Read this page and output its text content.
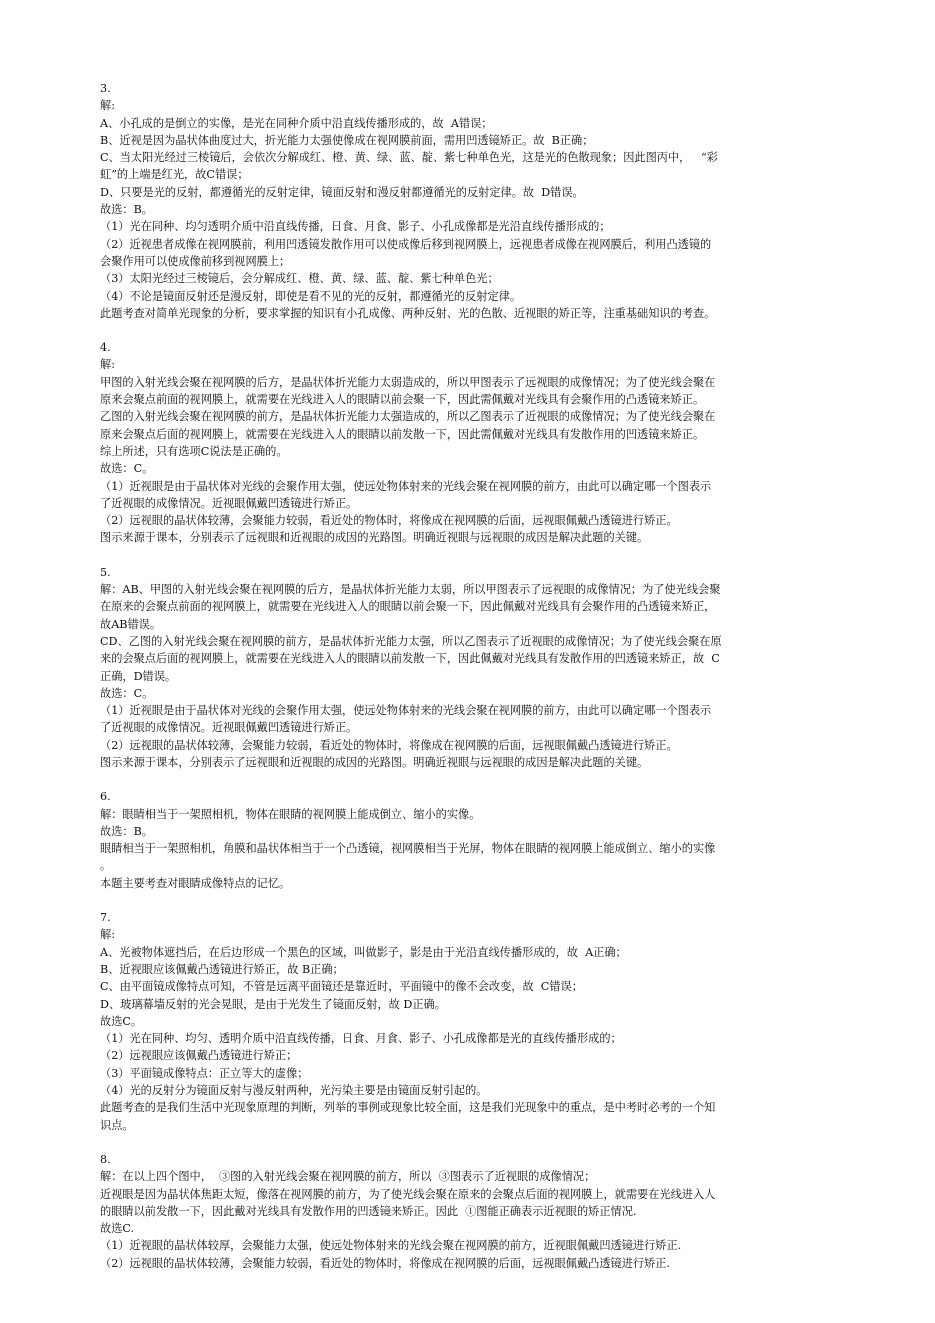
3.
解:
A、小孔成的是倒立的实像，是光在同种介质中沿直线传播形成的，故  A错误；
B、近视是因为晶状体曲度过大，折光能力太强使像成在视网膜前面，需用凹透镜矫正。故  B正确；
C、当太阳光经过三棱镜后，会依次分解成红、橙、黄、绿、蓝、靛、紫七种单色光，这是光的色散现象；因此图丙中，   “彩
虹”的上端是红光，故C错误；
D、只要是光的反射，都遵循光的反射定律，镜面反射和漫反射都遵循光的反射定律。故  D错误。
故选：B。
（1）光在同种、均匀透明介质中沿直线传播，日食、月食、影子、小孔成像都是光沿直线传播形成的；
（2）近视患者成像在视网膜前，利用凹透镜发散作用可以使成像后移到视网膜上，远视患者成像在视网膜后，利用凸透镜的
会聚作用可以使成像前移到视网膜上；
（3）太阳光经过三棱镜后，会分解成红、橙、黄、绿、蓝、靛、紫七种单色光；
（4）不论是镜面反射还是漫反射，即使是看不见的光的反射，都遵循光的反射定律。
此题考查对简单光现象的分析，要求掌握的知识有小孔成像、两种反射、光的色散、近视眼的矫正等，注重基础知识的考查。
4.
解:
甲图的入射光线会聚在视网膜的后方，是晶状体折光能力太弱造成的，所以甲图表示了远视眼的成像情况；为了使光线会聚在
原来会聚点前面的视网膜上，就需要在光线进入人的眼睛以前会聚一下，因此需佩戴对光线具有会聚作用的凸透镜来矫正。
乙图的入射光线会聚在视网膜的前方，是晶状体折光能力太强造成的，所以乙图表示了近视眼的成像情况；为了使光线会聚在
原来会聚点后面的视网膜上，就需要在光线进入人的眼睛以前发散一下，因此需佩戴对光线具有发散作用的凹透镜来矫正。
综上所述，只有选项C说法是正确的。
故选：C。
（1）近视眼是由于晶状体对光线的会聚作用太强，使远处物体射来的光线会聚在视网膜的前方，由此可以确定哪一个图表示
了近视眼的成像情况。近视眼佩戴凹透镜进行矫正。
（2）远视眼的晶状体较薄，会聚能力较弱，看近处的物体时，将像成在视网膜的后面，远视眼佩戴凸透镜进行矫正。
图示来源于课本，分别表示了远视眼和近视眼的成因的光路图。明确近视眼与远视眼的成因是解决此题的关键。
5.
解：AB、甲图的入射光线会聚在视网膜的后方，是晶状体折光能力太弱，所以甲图表示了远视眼的成像情况；为了使光线会聚
在原来的会聚点前面的视网膜上，就需要在光线进入人的眼睛以前会聚一下，因此佩戴对光线具有会聚作用的凸透镜来矫正，
故AB错误。
CD、乙图的入射光线会聚在视网膜的前方，是晶状体折光能力太强，所以乙图表示了近视眼的成像情况；为了使光线会聚在原
来的会聚点后面的视网膜上，就需要在光线进入人的眼睛以前发散一下，因此佩戴对光线具有发散作用的凹透镜来矫正，故  C
正确，D错误。
故选：C。
（1）近视眼是由于晶状体对光线的会聚作用太强，使远处物体射来的光线会聚在视网膜的前方，由此可以确定哪一个图表示
了近视眼的成像情况。近视眼佩戴凹透镜进行矫正。
（2）远视眼的晶状体较薄，会聚能力较弱，看近处的物体时，将像成在视网膜的后面，远视眼佩戴凸透镜进行矫正。
图示来源于课本，分别表示了远视眼和近视眼的成因的光路图。明确近视眼与远视眼的成因是解决此题的关键。
6.
解：眼睛相当于一架照相机，物体在眼睛的视网膜上能成倒立、缩小的实像。
故选：B。
眼睛相当于一架照相机，角膜和晶状体相当于一个凸透镜，视网膜相当于光屏，物体在眼睛的视网膜上能成倒立、缩小的实像
。
本题主要考查对眼睛成像特点的记忆。
7.
解:
A、光被物体遮挡后，在后边形成一个黑色的区域，叫做影子，影是由于光沿直线传播形成的，故  A正确；
B、近视眼应该佩戴凸透镜进行矫正，故 B正确；
C、由平面镜成像特点可知，不管是远离平面镜还是靠近时，平面镜中的像不会改变，故  C错误；
D、玻璃幕墙反射的光会晃眼，是由于光发生了镜面反射，故 D正确。
故选C。
（1）光在同种、均匀、透明介质中沿直线传播，日食、月食、影子、小孔成像都是光的直线传播形成的；
（2）远视眼应该佩戴凸透镜进行矫正；
（3）平面镜成像特点：正立等大的虚像；
（4）光的反射分为镜面反射与漫反射两种，光污染主要是由镜面反射引起的。
此题考查的是我们生活中光现象原理的判断，列举的事例或现象比较全面，这是我们光现象中的重点，是中考时必考的一个知
识点。
8.
解：在以上四个图中，  ③图的入射光线会聚在视网膜的前方，所以  ③图表示了近视眼的成像情况；
近视眼是因为晶状体焦距太短，像落在视网膜的前方，为了使光线会聚在原来的会聚点后面的视网膜上，就需要在光线进入人
的眼睛以前发散一下，因此戴对光线具有发散作用的凹透镜来矫正。因此  ①图能正确表示近视眼的矫正情况.
故选C.
（1）近视眼的晶状体较厚，会聚能力太强，使远处物体射来的光线会聚在视网膜的前方，近视眼佩戴凹透镜进行矫正.
（2）远视眼的晶状体较薄，会聚能力较弱，看近处的物体时，将像成在视网膜的后面，远视眼佩戴凸透镜进行矫正.
